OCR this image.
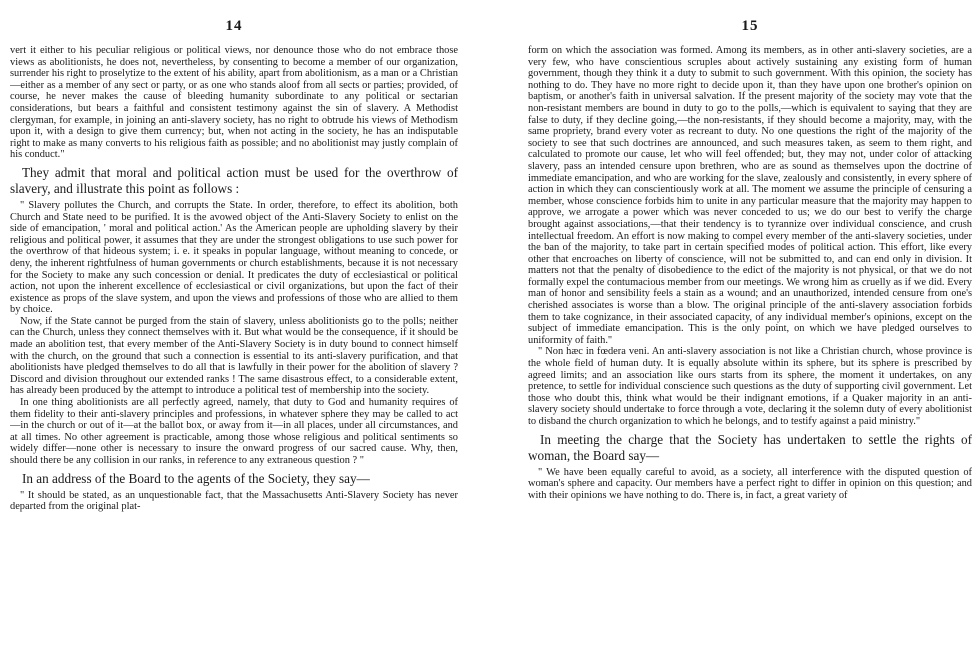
14

vert it either to his peculiar religious or political views, nor denounce those who do not embrace those views as abolitionists, he does not, nevertheless, by consenting to become a member of our organization, surrender his right to proselytize to the extent of his ability, apart from abolitionism, as a man or a Christian—either as a member of any sect or party, or as one who stands aloof from all sects or parties; provided, of course, he never makes the cause of bleeding humanity subordinate to any political or sectarian considerations, but bears a faithful and consistent testimony against the sin of slavery. A Methodist clergyman, for example, in joining an anti-slavery society, has no right to obtrude his views of Methodism upon it, with a design to give them currency; but, when not acting in the society, he has an indisputable right to make as many converts to his religious faith as possible; and no abolitionist may justly complain of his conduct."

They admit that moral and political action must be used for the overthrow of slavery, and illustrate this point as follows :

" Slavery pollutes the Church, and corrupts the State. In order, therefore, to effect its abolition, both Church and State need to be purified. It is the avowed object of the Anti-Slavery Society to enlist on the side of emancipation, ' moral and political action.' As the American people are upholding slavery by their religious and political power, it assumes that they are under the strongest obligations to use such power for the overthrow of that hideous system; i. e. it speaks in popular language, without meaning to concede, or deny, the inherent rightfulness of human governments or church establishments, because it is not necessary for the Society to make any such concession or denial. It predicates the duty of ecclesiastical or political action, not upon the inherent excellence of ecclesiastical or civil organizations, but upon the fact of their existence as props of the slave system, and upon the views and professions of those who are allied to them by choice.

Now, if the State cannot be purged from the stain of slavery, unless abolitionists go to the polls; neither can the Church, unless they connect themselves with it. But what would be the consequence, if it should be made an abolition test, that every member of the Anti-Slavery Society is in duty bound to connect himself with the church, on the ground that such a connection is essential to its anti-slavery purification, and that abolitionists have pledged themselves to do all that is lawfully in their power for the abolition of slavery ? Discord and division throughout our extended ranks ! The same disastrous effect, to a considerable extent, has already been produced by the attempt to introduce a political test of membership into the society.

In one thing abolitionists are all perfectly agreed, namely, that duty to God and humanity requires of them fidelity to their anti-slavery principles and professions, in whatever sphere they may be called to act—in the church or out of it—at the ballot box, or away from it—in all places, under all circumstances, and at all times. No other agreement is practicable, among those whose religious and political sentiments so widely differ—none other is necessary to insure the onward progress of our sacred cause. Why, then, should there be any collision in our ranks, in reference to any extraneous question ? "

In an address of the Board to the agents of the Society, they say—

" It should be stated, as an unquestionable fact, that the Massachusetts Anti-Slavery Society has never departed from the original plat-

15

form on which the association was formed. Among its members, as in other anti-slavery societies, are a very few, who have conscientious scruples about actively sustaining any existing form of human government, though they think it a duty to submit to such government. With this opinion, the society has nothing to do. They have no more right to decide upon it, than they have upon one brother's opinion on baptism, or another's faith in universal salvation. If the present majority of the society may vote that the non-resistant members are bound in duty to go to the polls,—which is equivalent to saying that they are false to duty, if they decline going,—the non-resistants, if they should become a majority, may, with the same propriety, brand every voter as recreant to duty. No one questions the right of the majority of the society to see that such doctrines are announced, and such measures taken, as seem to them right, and calculated to promote our cause, let who will feel offended; but, they may not, under color of attacking slavery, pass an intended censure upon brethren, who are as sound as themselves upon the doctrine of immediate emancipation, and who are working for the slave, zealously and consistently, in every sphere of action in which they can conscientiously work at all. The moment we assume the principle of censuring a member, whose conscience forbids him to unite in any particular measure that the majority may happen to approve, we arrogate a power which was never conceded to us; we do our best to verify the charge brought against associations,—that their tendency is to tyrannize over individual conscience, and crush intellectual freedom. An effort is now making to compel every member of the anti-slavery societies, under the ban of the majority, to take part in certain specified modes of political action. This effort, like every other that encroaches on liberty of conscience, will not be submitted to, and can end only in division. It matters not that the penalty of disobedience to the edict of the majority is not physical, or that we do not formally expel the contumacious member from our meetings. We wrong him as cruelly as if we did. Every man of honor and sensibility feels a stain as a wound; and an unauthorized, intended censure from one's cherished associates is worse than a blow. The original principle of the anti-slavery association forbids them to take cognizance, in their associated capacity, of any individual member's opinions, except on the subject of immediate emancipation. This is the only point, on which we have pledged ourselves to uniformity of faith."

" Non hæc in fœdera veni. An anti-slavery association is not like a Christian church, whose province is the whole field of human duty. It is equally absolute within its sphere, but its sphere is prescribed by agreed limits; and an association like ours starts from its sphere, the moment it undertakes, on any pretence, to settle for individual conscience such questions as the duty of supporting civil government. Let those who doubt this, think what would be their indignant emotions, if a Quaker majority in an anti-slavery society should undertake to force through a vote, declaring it the solemn duty of every abolitionist to disband the church organization to which he belongs, and to testify against a paid ministry."

In meeting the charge that the Society has undertaken to settle the rights of woman, the Board say—

" We have been equally careful to avoid, as a society, all interference with the disputed question of woman's sphere and capacity. Our members have a perfect right to differ in opinion on this question; and with their opinions we have nothing to do. There is, in fact, a great variety of
